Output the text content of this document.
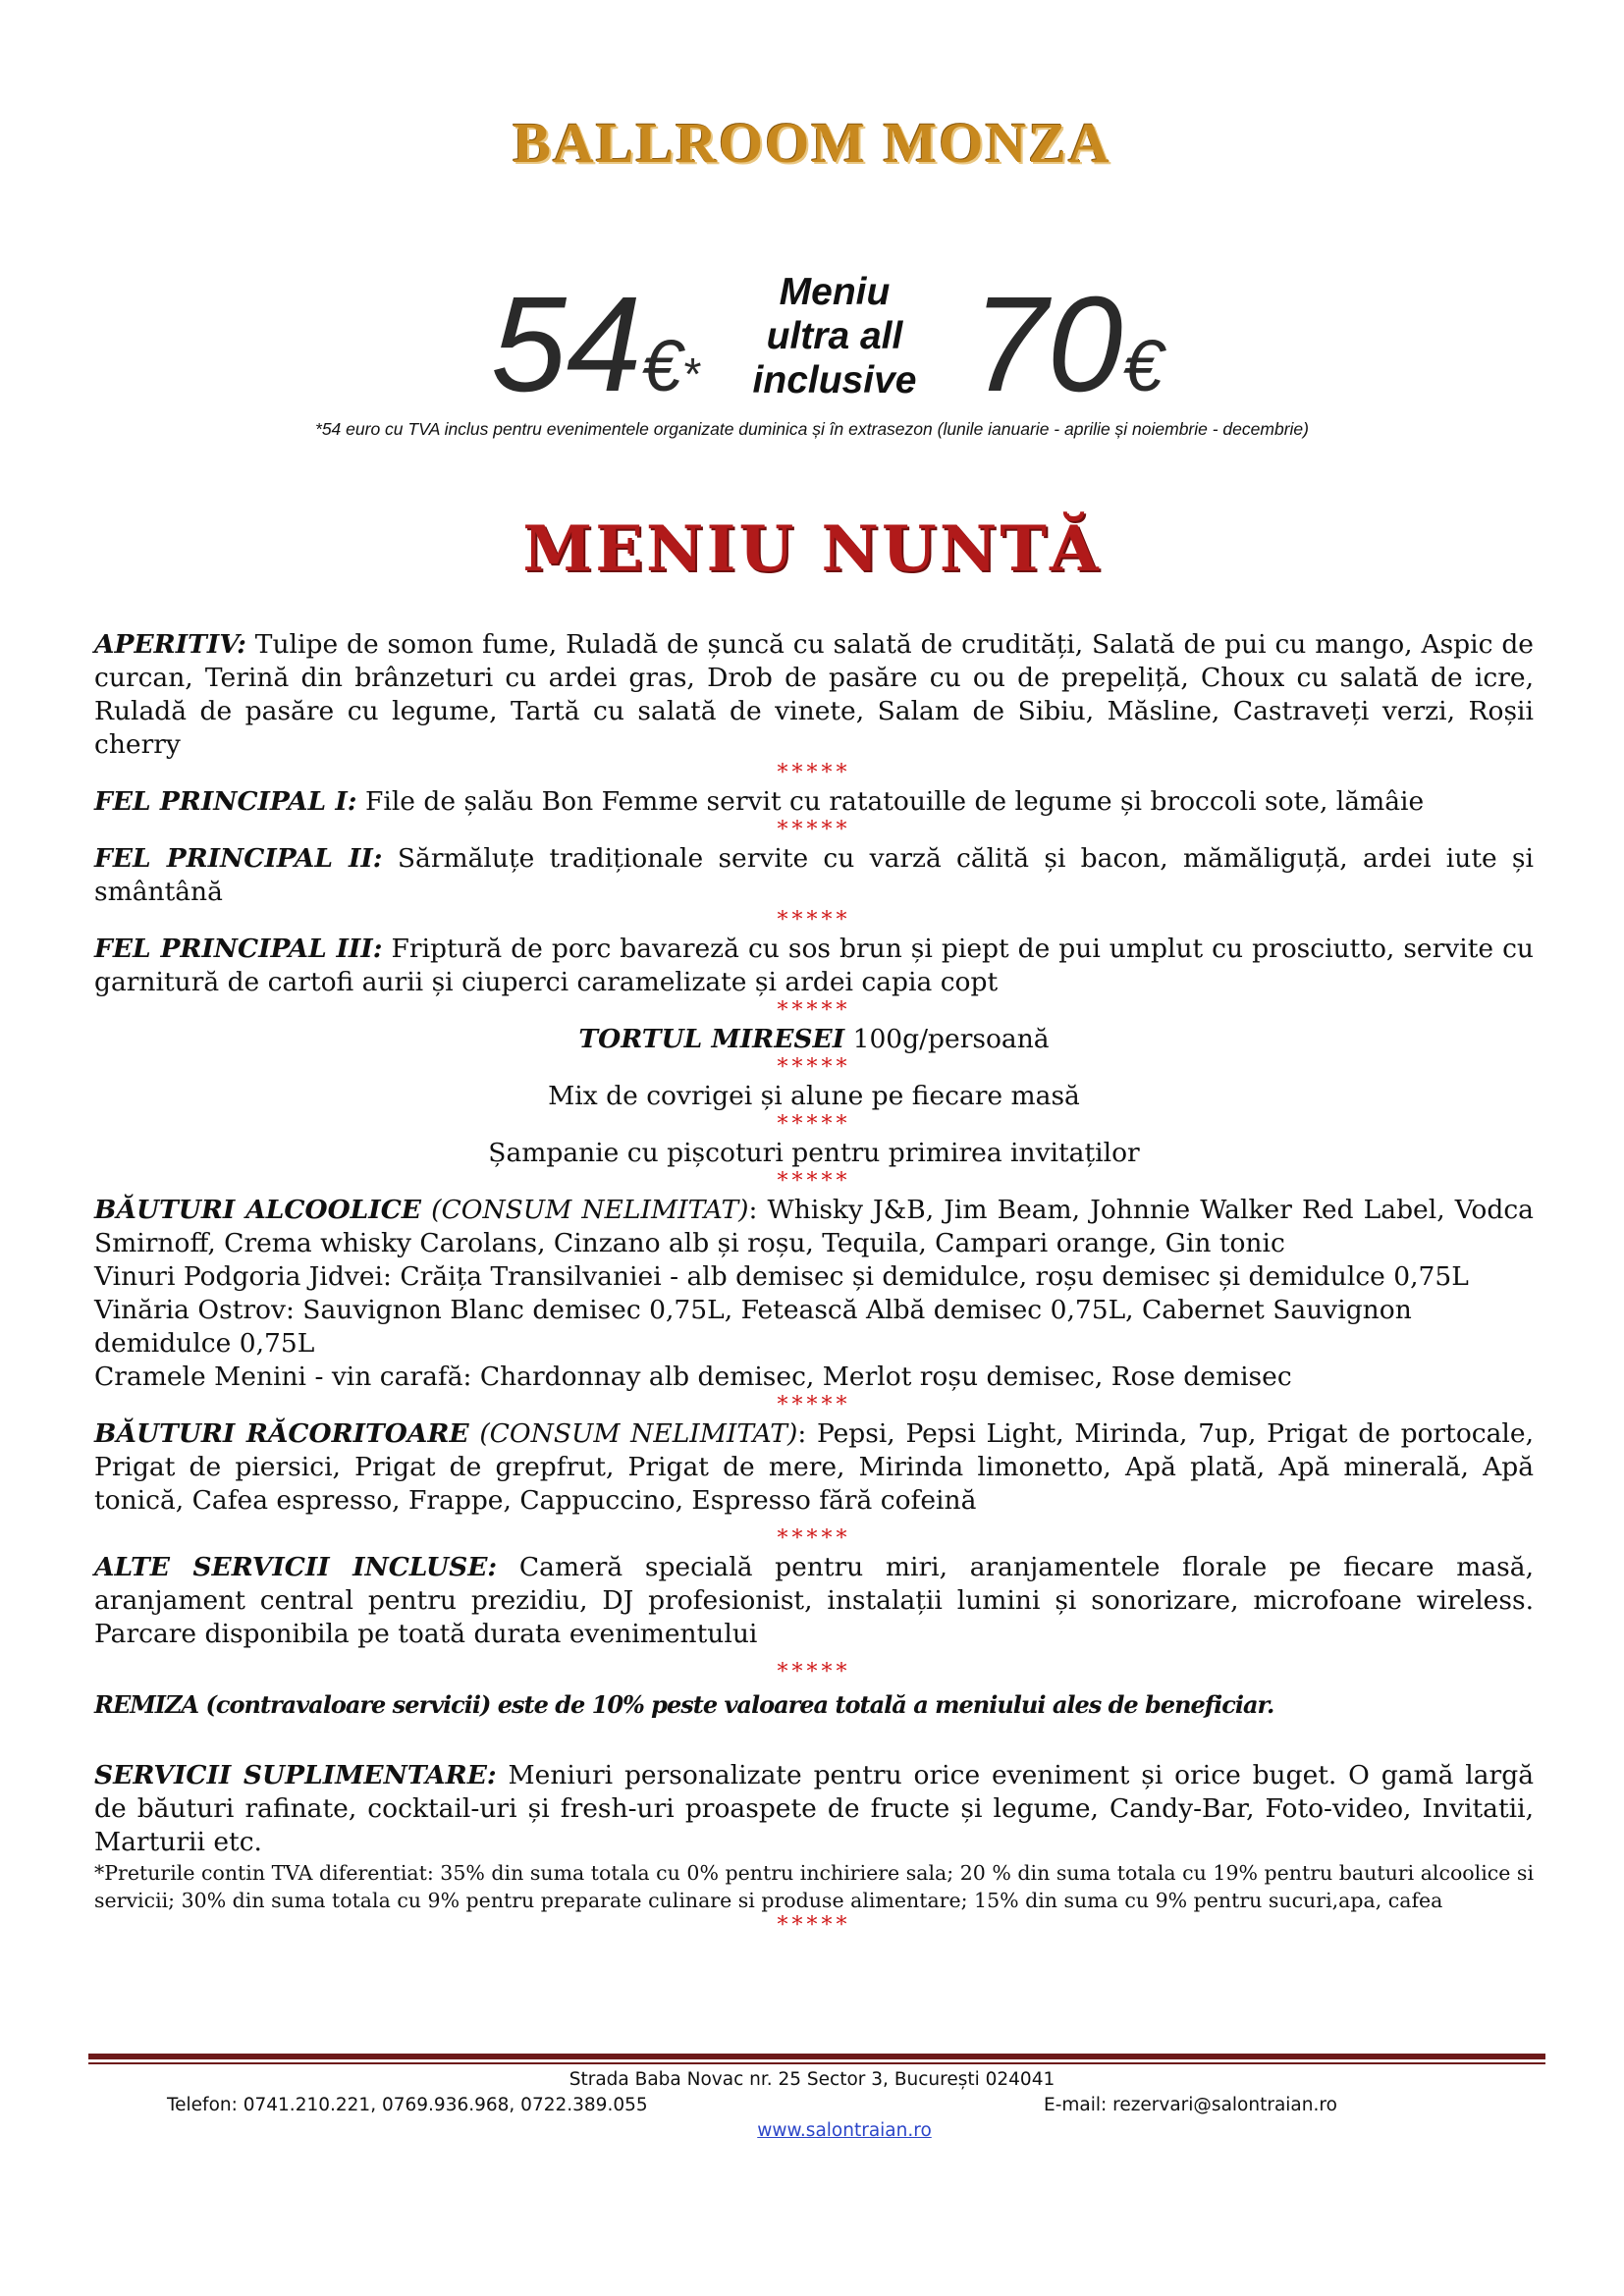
BALLROOM MONZA
54€*
Meniu
ultra all
inclusive 70€
*54 euro cu TVA inclus pentru evenimentele organizate duminica și în extrasezon (lunile ianuarie - aprilie și noiembrie - decembrie)
MENIU NUNTĂ

APERITIV: Tulipe de somon fume, Ruladă de șuncă cu salată de crudități, Salată de pui cu mango, Aspic de curcan, Terină din brânzeturi cu ardei gras, Drob de pasăre cu ou de prepeliță, Choux cu salată de icre, Ruladă de pasăre cu legume, Tartă cu salată de vinete, Salam de Sibiu, Măsline, Castraveți verzi, Roșii cherry

*****

FEL PRINCIPAL I: File de șalău Bon Femme servit cu ratatouille de legume și broccoli sote, lămâie

*****

FEL PRINCIPAL II: Sărmăluțe tradiționale servite cu varză călită și bacon, mămăliguță, ardei iute și smântână

*****

FEL PRINCIPAL III: Friptură de porc bavareză cu sos brun și piept de pui umplut cu prosciutto, servite cu garnitură de cartofi aurii și ciuperci caramelizate și ardei capia copt

*****

TORTUL MIRESEI 100g/persoană

*****

Mix de covrigei și alune pe fiecare masă

*****

Șampanie cu pișcoturi pentru primirea invitaților

*****

BĂUTURI ALCOOLICE (CONSUM NELIMITAT): Whisky J&B, Jim Beam, Johnnie Walker Red Label, Vodca Smirnoff, Crema whisky Carolans, Cinzano alb și roșu, Tequila, Campari orange, Gin tonic

Vinuri Podgoria Jidvei: Crăița Transilvaniei - alb demisec și demidulce, roșu demisec și demidulce 0,75L

Vinăria Ostrov: Sauvignon Blanc demisec 0,75L, Fetească Albă demisec 0,75L, Cabernet Sauvignon demidulce 0,75L

Cramele Menini - vin carafă: Chardonnay alb demisec, Merlot roșu demisec, Rose demisec

*****

BĂUTURI RĂCORITOARE (CONSUM NELIMITAT): Pepsi, Pepsi Light, Mirinda, 7up, Prigat de portocale, Prigat de piersici, Prigat de grepfrut, Prigat de mere, Mirinda limonetto, Apă plată, Apă minerală, Apă tonică, Cafea espresso, Frappe, Cappuccino, Espresso fără cofeină

*****

ALTE SERVICII INCLUSE: Cameră specială pentru miri, aranjamentele florale pe fiecare masă, aranjament central pentru prezidiu, DJ profesionist, instalații lumini și sonorizare, microfoane wireless. Parcare disponibila pe toată durata evenimentului

*****

REMIZA (contravaloare servicii) este de 10% peste valoarea totală a meniului ales de beneficiar.

SERVICII SUPLIMENTARE: Meniuri personalizate pentru orice eveniment și orice buget. O gamă largă de băuturi rafinate, cocktail-uri și fresh-uri proaspete de fructe și legume, Candy-Bar, Foto-video, Invitatii, Marturii etc.

*Preturile contin TVA diferentiat: 35% din suma totala cu 0% pentru inchiriere sala; 20 % din suma totala cu 19% pentru bauturi alcoolice si servicii; 30% din suma totala cu 9% pentru preparate culinare si produse alimentare; 15% din suma cu 9% pentru sucuri,apa, cafea

*****
Strada Baba Novac nr. 25 Sector 3, București 024041
Telefon: 0741.210.221, 0769.936.968, 0722.389.055	E-mail: rezervari@salontraian.ro
www.salontraian.ro
